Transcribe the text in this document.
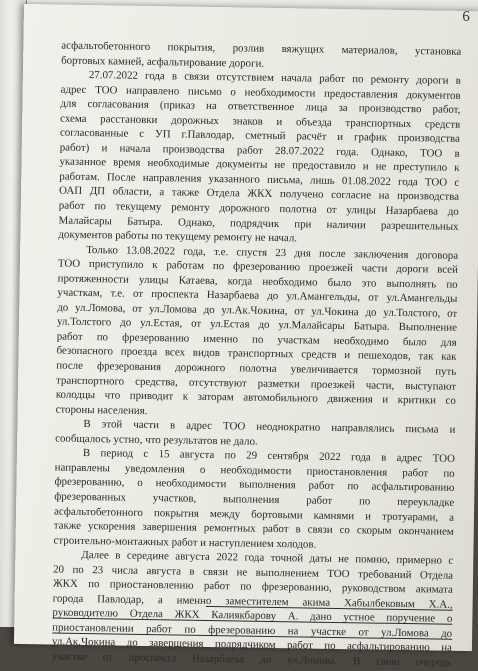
6
асфальтобетонного покрытия, розлив вяжущих материалов, установка
бортовых камней, асфальтирование дороги.
27.07.2022 года в связи отсутствием начала работ по ремонту дороги в
адрес ТОО направлено письмо о необходимости предоставления документов
для согласования (приказ на ответственное лица за производство работ,
схема расстановки дорожных знаков и объезда транспортных средств
согласованные с УП г.Павлодар, сметный расчёт и график производства
работ) и начала производства работ 28.07.2022 года. Однако, ТОО в
указанное время необходимые документы не предоставило и не преступило к
работам. После направления указанного письма, лишь 01.08.2022 года ТОО с
ОАП ДП области, а также Отдела ЖКХ получено согласие на производства
работ по текущему ремонту дорожного полотна от улицы Назарбаева до
Малайсары Батыра. Однако, подрядчик при наличии разрешительных
документов работы по текущему ремонту не начал.
Только 13.08.2022 года, т.е. спустя 23 дня после заключения договора
ТОО приступило к работам по фрезерованию проезжей части дороги всей
протяженности улицы Катаева, когда необходимо было это выполнять по
участкам, т.е. от проспекта Назарбаева до ул.Амангельды, от ул.Амангельды
до ул.Ломова, от ул.Ломова до ул.Ак.Чокина, от ул.Чокина до ул.Толстого, от
ул.Толстого до ул.Естая, от ул.Естая до ул.Малайсары Батыра. Выполнение
работ по фрезерованию именно по участкам необходимо было для
безопасного проезда всех видов транспортных средств и пешеходов, так как
после фрезерования дорожного полотна увеличивается тормозной путь
транспортного средства, отсутствуют разметки проезжей части, выступают
колодцы что приводит к заторам автомобильного движения и критики со
стороны населения.
В этой части в адрес ТОО неоднократно направлялись письма и
сообщалось устно, что результатов не дало.
В период с 15 августа по 29 сентября 2022 года в адрес ТОО
направлены уведомления о необходимости приостановления работ по
фрезерованию, о необходимости выполнения работ по асфальтированию
фрезерованных участков, выполнения работ по переукладке
асфальтобетонного покрытия между бортовыми камнями и тротуарами, а
также ускорения завершения ремонтных работ в связи со скорым окончанием
строительно-монтажных работ и наступлением холодов.
Далее в середине августа 2022 года точной даты не помню, примерно с
20 по 23 числа августа в связи не выполнением ТОО требований Отдела
ЖКХ по приостановлению работ по фрезерованию, руководством акимата
города Павлодар, а именно заместителем акима Хабылбековым Х.А.,
руководителю Отдела ЖКХ Калиякбарову А. дано устное поручение о
приостановлении работ по фрезерованию на участке от ул.Ломова до
ул.Ак.Чокина до завершения подрядчиком работ по асфальтированию на
участке от проспекта Назарбаева до ул.Ломова. В свою очередь
